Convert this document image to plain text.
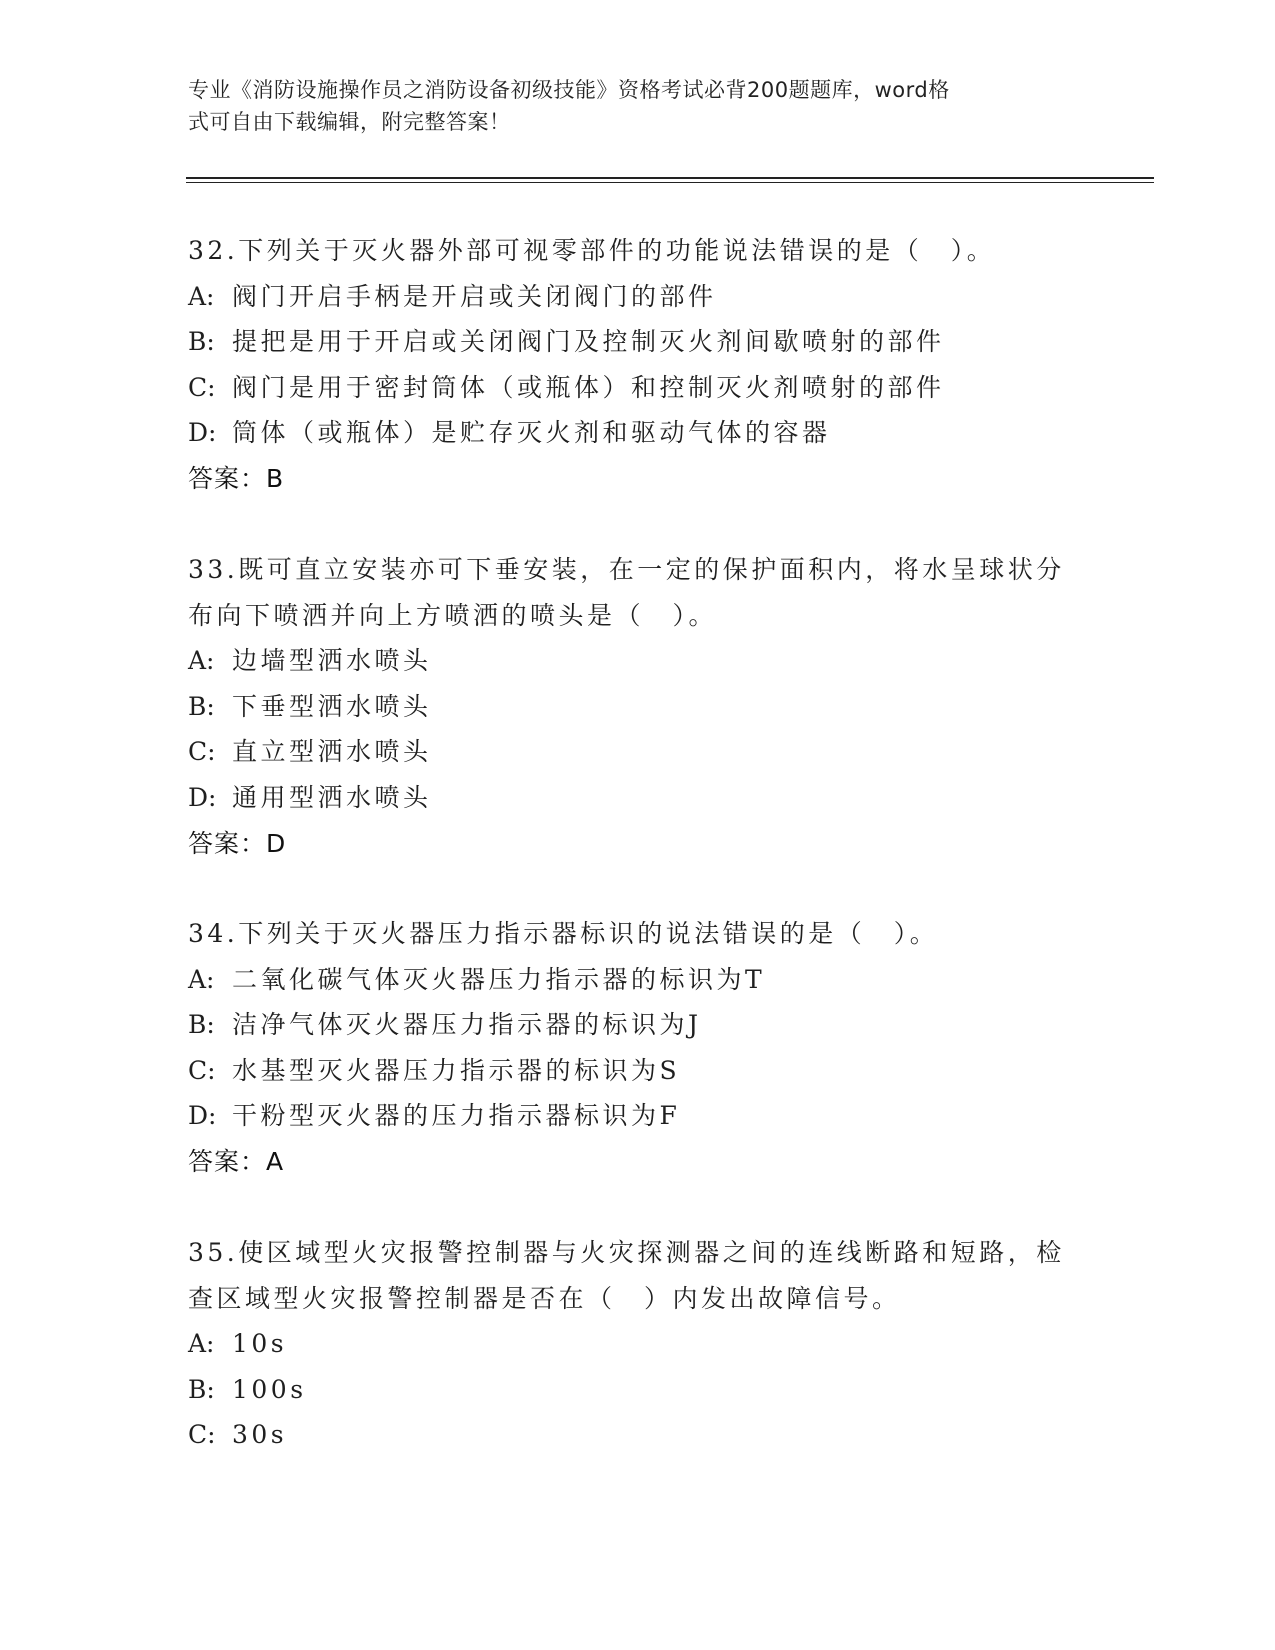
专业《消防设施操作员之消防设备初级技能》资格考试必背200题题库，word格
式可自由下载编辑，附完整答案！

32.下列关于灭火器外部可视零部件的功能说法错误的是（　）。

A: 阀门开启手柄是开启或关闭阀门的部件

B: 提把是用于开启或关闭阀门及控制灭火剂间歇喷射的部件

C: 阀门是用于密封筒体（或瓶体）和控制灭火剂喷射的部件

D: 筒体（或瓶体）是贮存灭火剂和驱动气体的容器

答案：B

33.既可直立安装亦可下垂安装，在一定的保护面积内，将水呈球状分

布向下喷洒并向上方喷洒的喷头是（　）。

A: 边墙型洒水喷头

B: 下垂型洒水喷头

C: 直立型洒水喷头

D: 通用型洒水喷头

答案：D

34.下列关于灭火器压力指示器标识的说法错误的是（　）。

A: 二氧化碳气体灭火器压力指示器的标识为T

B: 洁净气体灭火器压力指示器的标识为J

C: 水基型灭火器压力指示器的标识为S

D: 干粉型灭火器的压力指示器标识为F

答案：A

35.使区域型火灾报警控制器与火灾探测器之间的连线断路和短路，检

查区域型火灾报警控制器是否在（　）内发出故障信号。

A: 10s

B: 100s

C: 30s
